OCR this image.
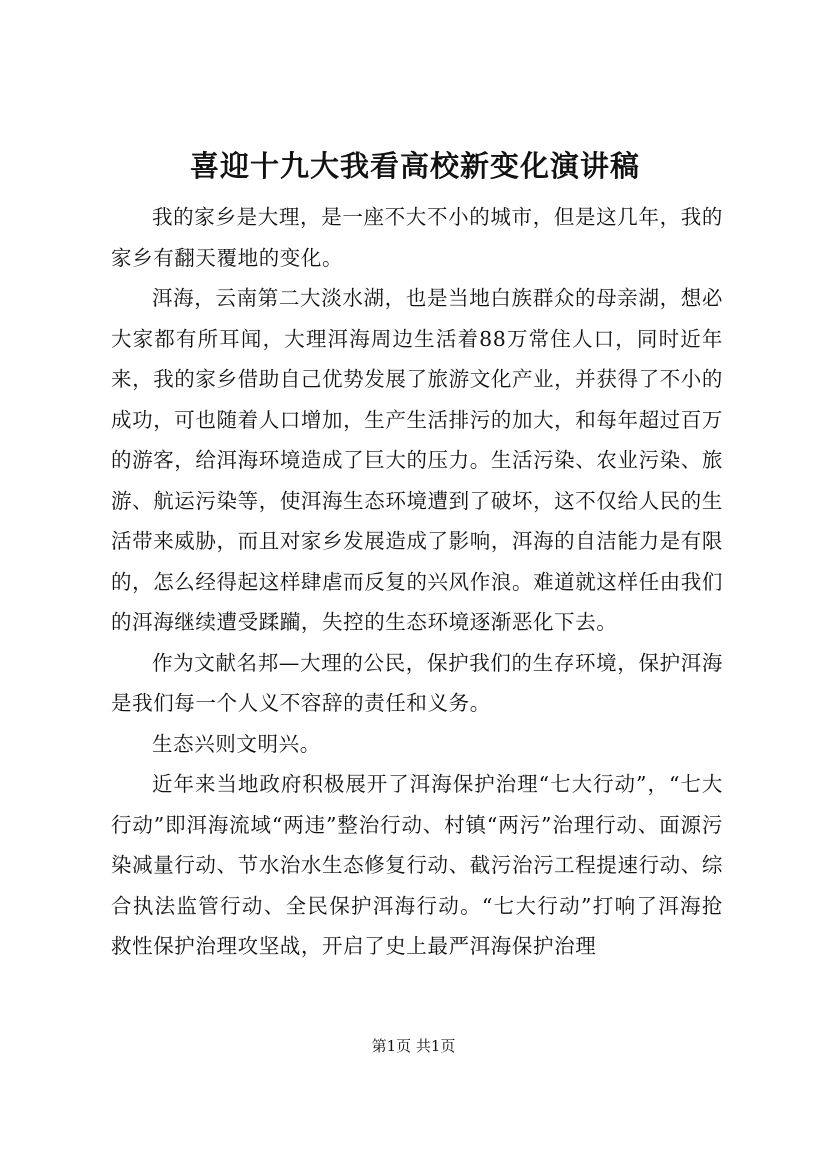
喜迎十九大我看高校新变化演讲稿

我的家乡是大理，是一座不大不小的城市，但是这几年，我的家乡有翻天覆地的变化。

洱海，云南第二大淡水湖，也是当地白族群众的母亲湖，想必大家都有所耳闻，大理洱海周边生活着88万常住人口，同时近年来，我的家乡借助自己优势发展了旅游文化产业，并获得了不小的成功，可也随着人口增加，生产生活排污的加大，和每年超过百万的游客，给洱海环境造成了巨大的压力。生活污染、农业污染、旅游、航运污染等，使洱海生态环境遭到了破坏，这不仅给人民的生活带来威胁，而且对家乡发展造成了影响，洱海的自洁能力是有限的，怎么经得起这样肆虐而反复的兴风作浪。难道就这样任由我们的洱海继续遭受蹂躏，失控的生态环境逐渐恶化下去。

作为文献名邦—大理的公民，保护我们的生存环境，保护洱海是我们每一个人义不容辞的责任和义务。

生态兴则文明兴。

近年来当地政府积极展开了洱海保护治理“七大行动”，“七大行动”即洱海流域“两违”整治行动、村镇“两污”治理行动、面源污染减量行动、节水治水生态修复行动、截污治污工程提速行动、综合执法监管行动、全民保护洱海行动。“七大行动”打响了洱海抢救性保护治理攻坚战，开启了史上最严洱海保护治理

第1页 共1页
